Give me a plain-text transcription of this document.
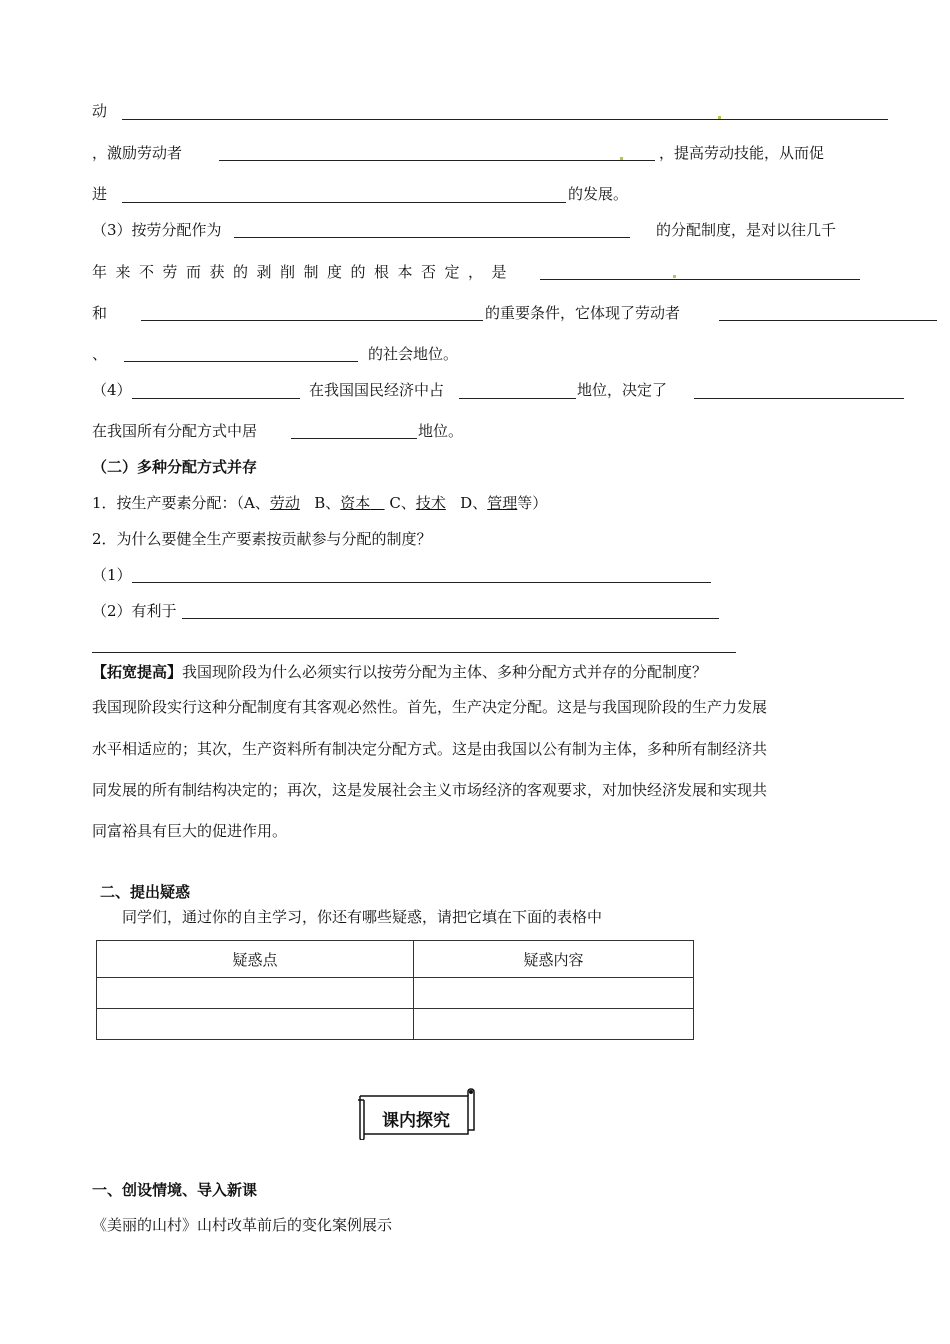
动
，激励劳动者	，提高劳动技能，从而促
进	的发展。
（3）按劳分配作为	的分配制度，是对以往几千
年来不劳而获的剥削制度的根本否定，是
和	的重要条件，它体现了劳动者
、	的社会地位。
（4）	在我国国民经济中占	地位，决定了
在我国所有分配方式中居	地位。
（二）多种分配方式并存
1．按生产要素分配：（A、劳动 B、资本 C、技术 D、管理等）
2．为什么要健全生产要素按贡献参与分配的制度？
（1）
（2）有利于
【拓宽提高】我国现阶段为什么必须实行以按劳分配为主体、多种分配方式并存的分配制度？
我国现阶段实行这种分配制度有其客观必然性。首先，生产决定分配。这是与我国现阶段的生产力发展
水平相适应的；其次，生产资料所有制决定分配方式。这是由我国以公有制为主体，多种所有制经济共
同发展的所有制结构决定的；再次，这是发展社会主义市场经济的客观要求，对加快经济发展和实现共
同富裕具有巨大的促进作用。
二、提出疑惑
同学们，通过你的自主学习，你还有哪些疑惑，请把它填在下面的表格中
疑惑点	疑惑内容

课内探究
一、创设情境、导入新课
《美丽的山村》山村改革前后的变化案例展示
